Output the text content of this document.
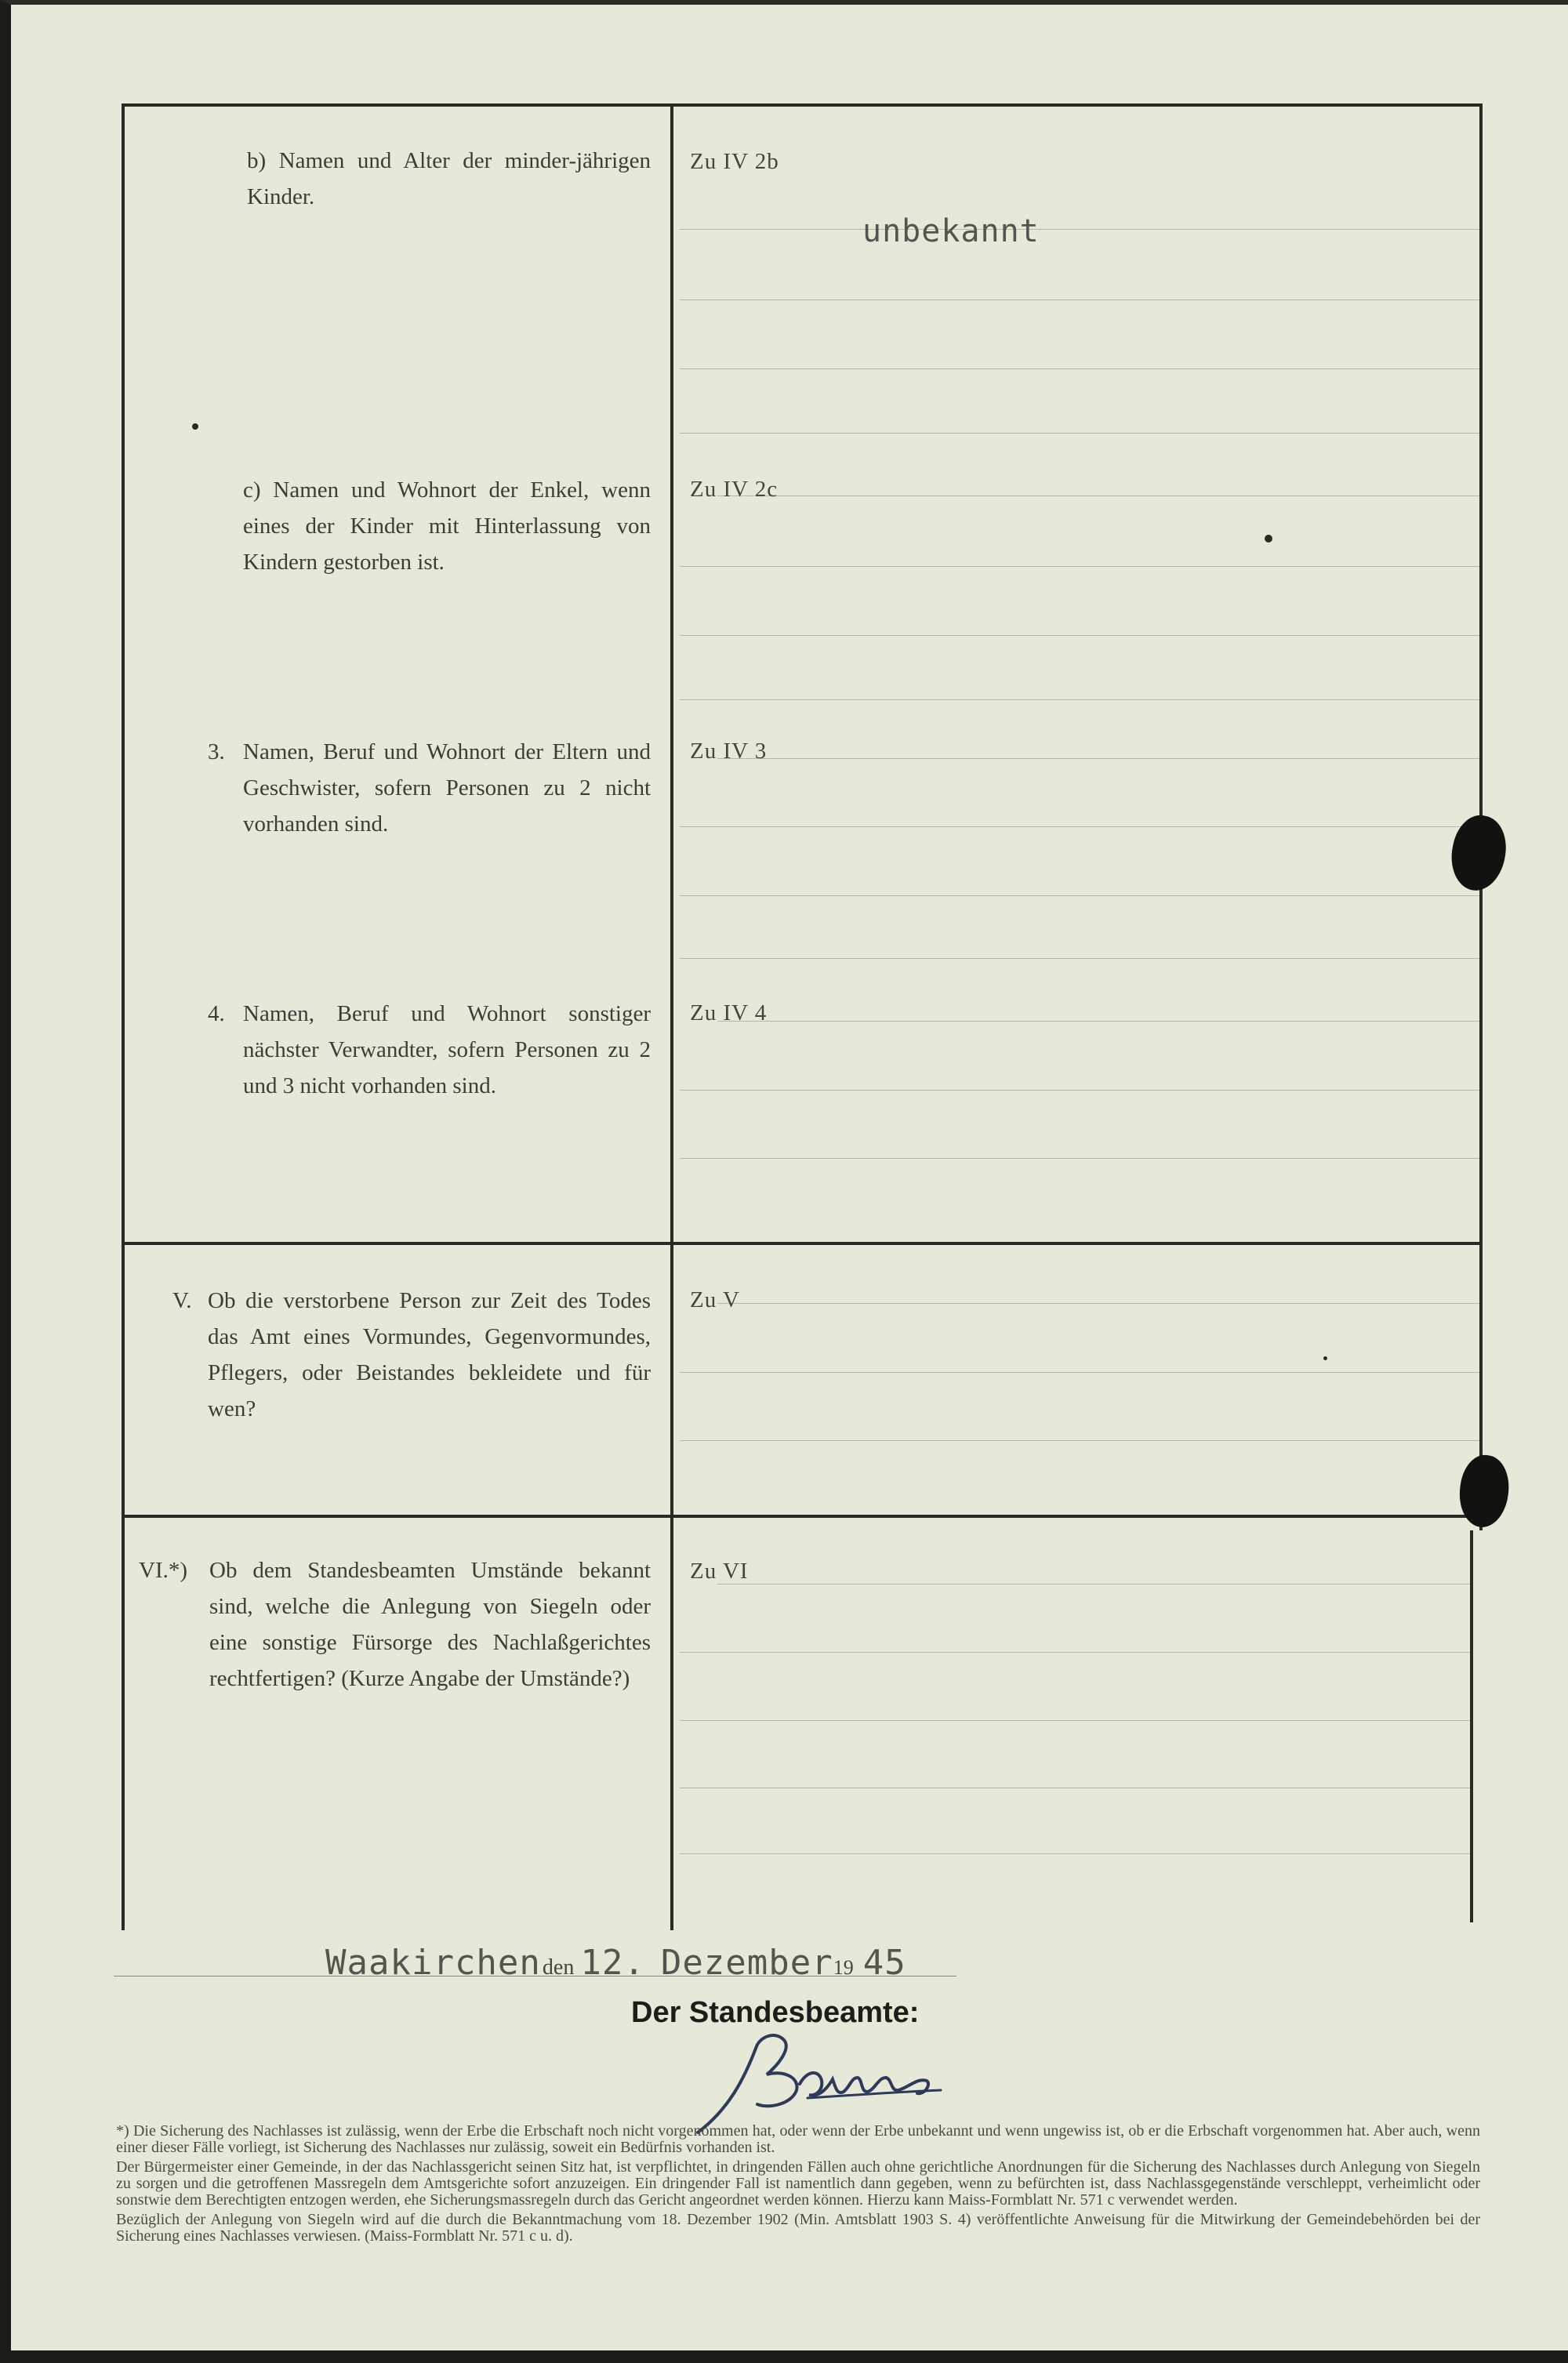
b) Namen und Alter der minder-jährigen Kinder.
Zu IV 2b
unbekannt
c) Namen und Wohnort der Enkel, wenn eines der Kinder mit Hinterlassung von Kindern gestorben ist.
Zu IV 2c
3. Namen, Beruf und Wohnort der Eltern und Geschwister, sofern Personen zu 2 nicht vorhanden sind.
Zu IV 3
4. Namen, Beruf und Wohnort sonstiger nächster Verwandter, sofern Personen zu 2 und 3 nicht vorhanden sind.
Zu IV 4
V. Ob die verstorbene Person zur Zeit des Todes das Amt eines Vormundes, Gegenvormundes, Pflegers, oder Beistandes bekleidete und für wen?
Zu V
VI.*) Ob dem Standesbeamten Umstände bekannt sind, welche die Anlegung von Siegeln oder eine sonstige Fürsorge des Nachlaßgerichtes rechtfertigen? (Kurze Angabe der Umstände?)
Zu VI
Waakirchenden 12. Dezember19 45
Der Standesbeamte:

*) Die Sicherung des Nachlasses ist zulässig, wenn der Erbe die Erbschaft noch nicht vorgenommen hat, oder wenn der Erbe unbekannt und wenn ungewiss ist, ob er die Erbschaft vorgenommen hat. Aber auch, wenn einer dieser Fälle vorliegt, ist Sicherung des Nachlasses nur zulässig, soweit ein Bedürfnis vorhanden ist.

Der Bürgermeister einer Gemeinde, in der das Nachlassgericht seinen Sitz hat, ist verpflichtet, in dringenden Fällen auch ohne gerichtliche Anordnungen für die Sicherung des Nachlasses durch Anlegung von Siegeln zu sorgen und die getroffenen Massregeln dem Amtsgerichte sofort anzuzeigen. Ein dringender Fall ist namentlich dann gegeben, wenn zu befürchten ist, dass Nachlassgegenstände verschleppt, verheimlicht oder sonstwie dem Berechtigten entzogen werden, ehe Sicherungsmassregeln durch das Gericht angeordnet werden können. Hierzu kann Maiss-Formblatt Nr. 571 c verwendet werden.

Bezüglich der Anlegung von Siegeln wird auf die durch die Bekanntmachung vom 18. Dezember 1902 (Min. Amtsblatt 1903 S. 4) veröffentlichte Anweisung für die Mitwirkung der Gemeindebehörden bei der Sicherung eines Nachlasses verwiesen. (Maiss-Formblatt Nr. 571 c u. d).
